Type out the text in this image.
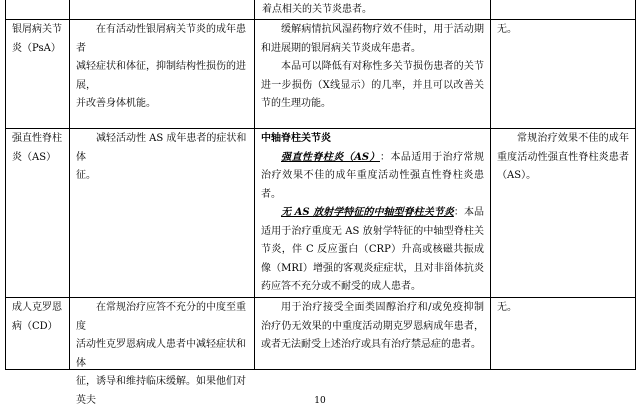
着点相关的关节炎患者。
银屑病关节炎（PsA）
在有活动性银屑病关节炎的成年患者
减轻症状和体征，抑制结构性损伤的进展，
并改善身体机能。
缓解病情抗风湿药物疗效不佳时，用于活动期和进展期的银屑病关节炎成年患者。
本品可以降低有对称性多关节损伤患者的关节进一步损伤（X线显示）的几率，并且可以改善关节的生理功能。
无。
强直性脊柱炎（AS）
减轻活动性 AS 成年患者的症状和体
征。
中轴脊柱关节炎
强直性脊柱炎（AS）：本品适用于治疗常规治疗效果不佳的成年重度活动性强直性脊柱炎患者。
无 AS 放射学特征的中轴型脊柱关节炎：本品适用于治疗重度无 AS 放射学特征的中轴型脊柱关节炎，伴 C 反应蛋白（CRP）升高或核磁共振成像（MRI）增强的客观炎症症状，且对非甾体抗炎药应答不充分或不耐受的成人患者。
常规治疗效果不佳的成年重度活动性强直性脊柱炎患者（AS）。
成人克罗恩病（CD）
在常规治疗应答不充分的中度至重度
活动性克罗恩病成人患者中减轻症状和体
征，诱导和维持临床缓解。如果他们对英夫
用于治疗接受全面类固醇治疗和/或免疫抑制治疗仍无效果的中重度活动期克罗恩病成年患者，或者无法耐受上述治疗或具有治疗禁忌症的患者。
无。
10
